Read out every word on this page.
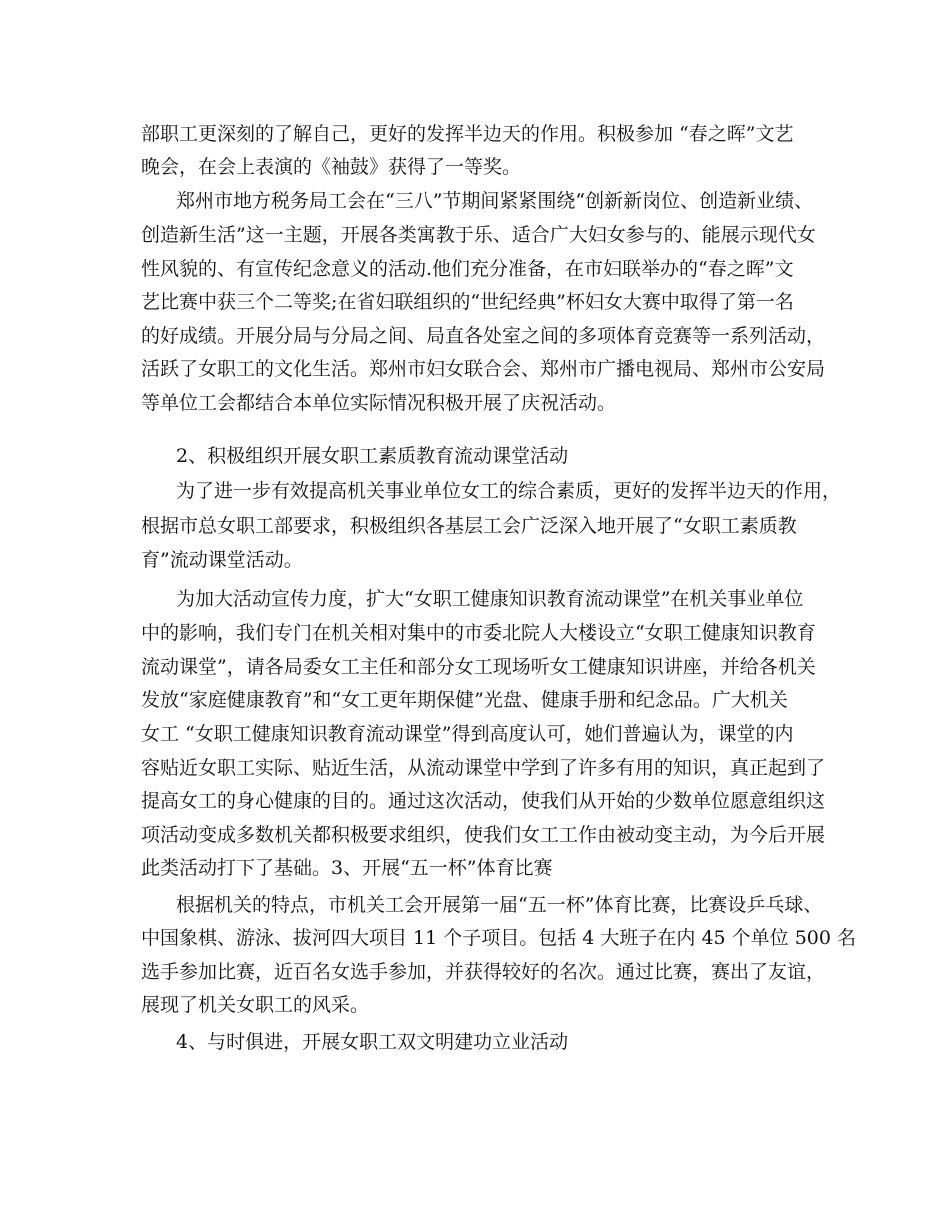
部职工更深刻的了解自己，更好的发挥半边天的作用。积极参加 “春之晖”文艺
晚会，在会上表演的《袖鼓》获得了一等奖。
郑州市地方税务局工会在“三八”节期间紧紧围绕“创新新岗位、创造新业绩、
创造新生活”这一主题，开展各类寓教于乐、适合广大妇女参与的、能展示现代女
性风貌的、有宣传纪念意义的活动.他们充分准备，在市妇联举办的“春之晖”文
艺比赛中获三个二等奖;在省妇联组织的“世纪经典”杯妇女大赛中取得了第一名
的好成绩。开展分局与分局之间、局直各处室之间的多项体育竞赛等一系列活动，
活跃了女职工的文化生活。郑州市妇女联合会、郑州市广播电视局、郑州市公安局
等单位工会都结合本单位实际情况积极开展了庆祝活动。
2、积极组织开展女职工素质教育流动课堂活动
为了进一步有效提高机关事业单位女工的综合素质，更好的发挥半边天的作用，
根据市总女职工部要求，积极组织各基层工会广泛深入地开展了“女职工素质教
育”流动课堂活动。
为加大活动宣传力度，扩大“女职工健康知识教育流动课堂”在机关事业单位
中的影响，我们专门在机关相对集中的市委北院人大楼设立“女职工健康知识教育
流动课堂”，请各局委女工主任和部分女工现场听女工健康知识讲座，并给各机关
发放“家庭健康教育”和“女工更年期保健”光盘、健康手册和纪念品。广大机关
女工 “女职工健康知识教育流动课堂”得到高度认可，她们普遍认为，课堂的内
容贴近女职工实际、贴近生活，从流动课堂中学到了许多有用的知识，真正起到了
提高女工的身心健康的目的。通过这次活动，使我们从开始的少数单位愿意组织这
项活动变成多数机关都积极要求组织，使我们女工工作由被动变主动，为今后开展
此类活动打下了基础。3、开展“五一杯”体育比赛
根据机关的特点，市机关工会开展第一届“五一杯”体育比赛，比赛设乒乓球、
中国象棋、游泳、拔河四大项目 11 个子项目。包括 4 大班子在内 45 个单位 500 名
选手参加比赛，近百名女选手参加，并获得较好的名次。通过比赛，赛出了友谊，
展现了机关女职工的风采。
4、与时俱进，开展女职工双文明建功立业活动
